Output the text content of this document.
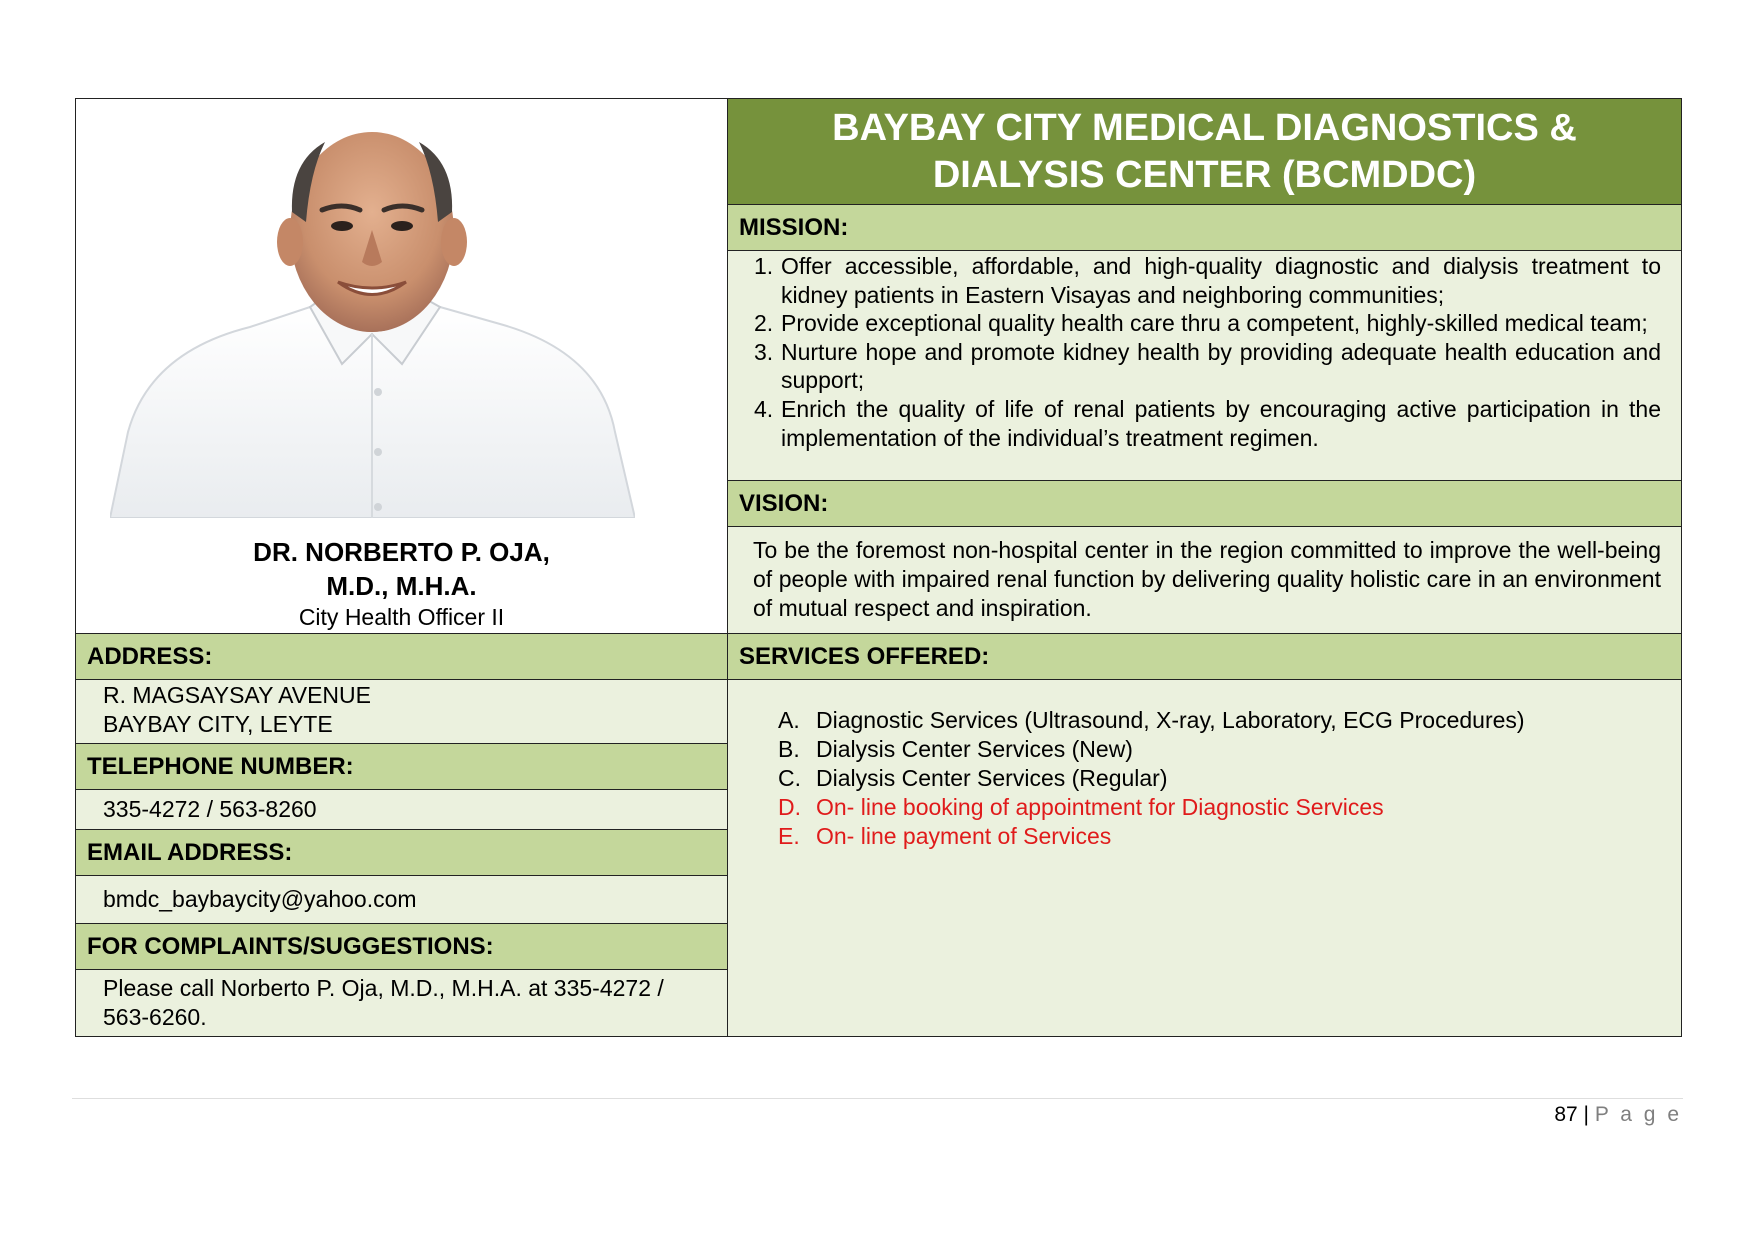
DR. NORBERTO P. OJA,
M.D., M.H.A.
City Health Officer II
BAYBAY CITY MEDICAL DIAGNOSTICS &
DIALYSIS CENTER (BCMDDC)
MISSION:
1. Offer accessible, affordable, and high-quality diagnostic and dialysis treatment to kidney patients in Eastern Visayas and neighboring communities;
2. Provide exceptional quality health care thru a competent, highly-skilled medical team;
3. Nurture hope and promote kidney health by providing adequate health education and support;
4. Enrich the quality of life of renal patients by encouraging active participation in the implementation of the individual’s treatment regimen.
VISION:
To be the foremost non-hospital center in the region committed to improve the well-being of people with impaired renal function by delivering quality holistic care in an environment of mutual respect and inspiration.
ADDRESS:	SERVICES OFFERED:
R. MAGSAYSAY AVENUE
BAYBAY CITY, LEYTE
TELEPHONE NUMBER:
335-4272 / 563-8260
EMAIL ADDRESS:
bmdc_baybaycity@yahoo.com
FOR COMPLAINTS/SUGGESTIONS:
Please call Norberto P. Oja, M.D., M.H.A. at 335-4272 /
563-6260.
A. Diagnostic Services (Ultrasound, X-ray, Laboratory, ECG Procedures)
B. Dialysis Center Services (New)
C. Dialysis Center Services (Regular)
D. On- line booking of appointment for Diagnostic Services
E. On- line payment of Services
87 | P a g e
